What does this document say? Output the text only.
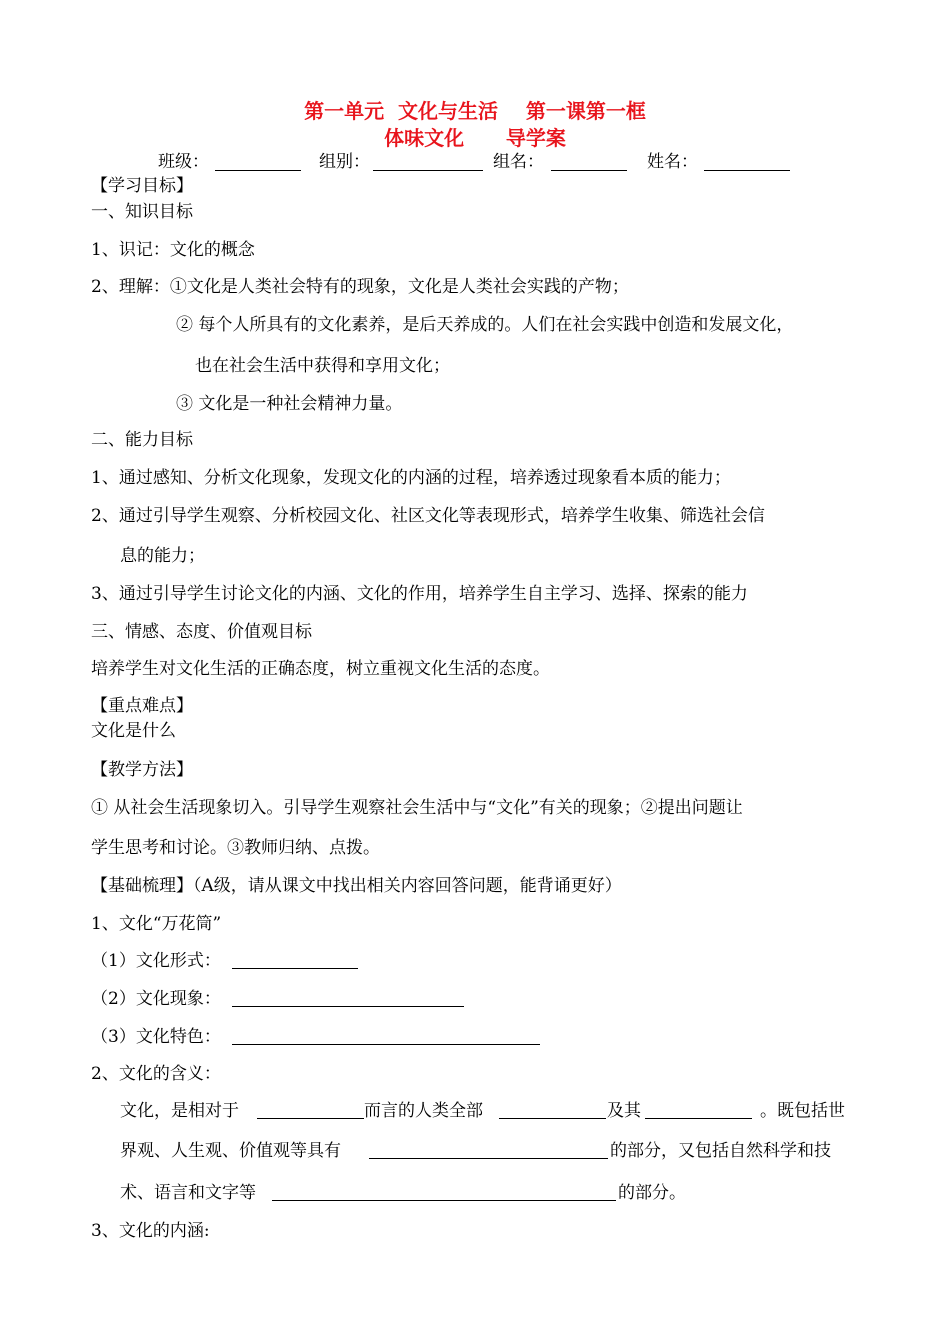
第一单元  文化与生活    第一课第一框
体味文化      导学案
班级：	组别：	组名：	姓名：
【学习目标】
一、知识目标
1、识记：文化的概念
2、理解：①文化是人类社会特有的现象，文化是人类社会实践的产物；
② 每个人所具有的文化素养，是后天养成的。人们在社会实践中创造和发展文化，
也在社会生活中获得和享用文化；
③ 文化是一种社会精神力量。
二、能力目标
1、通过感知、分析文化现象，发现文化的内涵的过程，培养透过现象看本质的能力；
2、通过引导学生观察、分析校园文化、社区文化等表现形式，培养学生收集、筛选社会信
息的能力；
3、通过引导学生讨论文化的内涵、文化的作用，培养学生自主学习、选择、探索的能力
三、情感、态度、价值观目标
培养学生对文化生活的正确态度，树立重视文化生活的态度。
【重点难点】
文化是什么
【教学方法】
① 从社会生活现象切入。引导学生观察社会生活中与“文化”有关的现象；②提出问题让
学生思考和讨论。③教师归纳、点拨。
【基础梳理】（A级，请从课文中找出相关内容回答问题，能背诵更好）
1、文化“万花筒”
（1）文化形式：
（2）文化现象：
（3）文化特色：
2、文化的含义：
文化，是相对于	而言的人类全部	及其	。既包括世
界观、人生观、价值观等具有	的部分，又包括自然科学和技
术、语言和文字等	的部分。
3、文化的内涵:
